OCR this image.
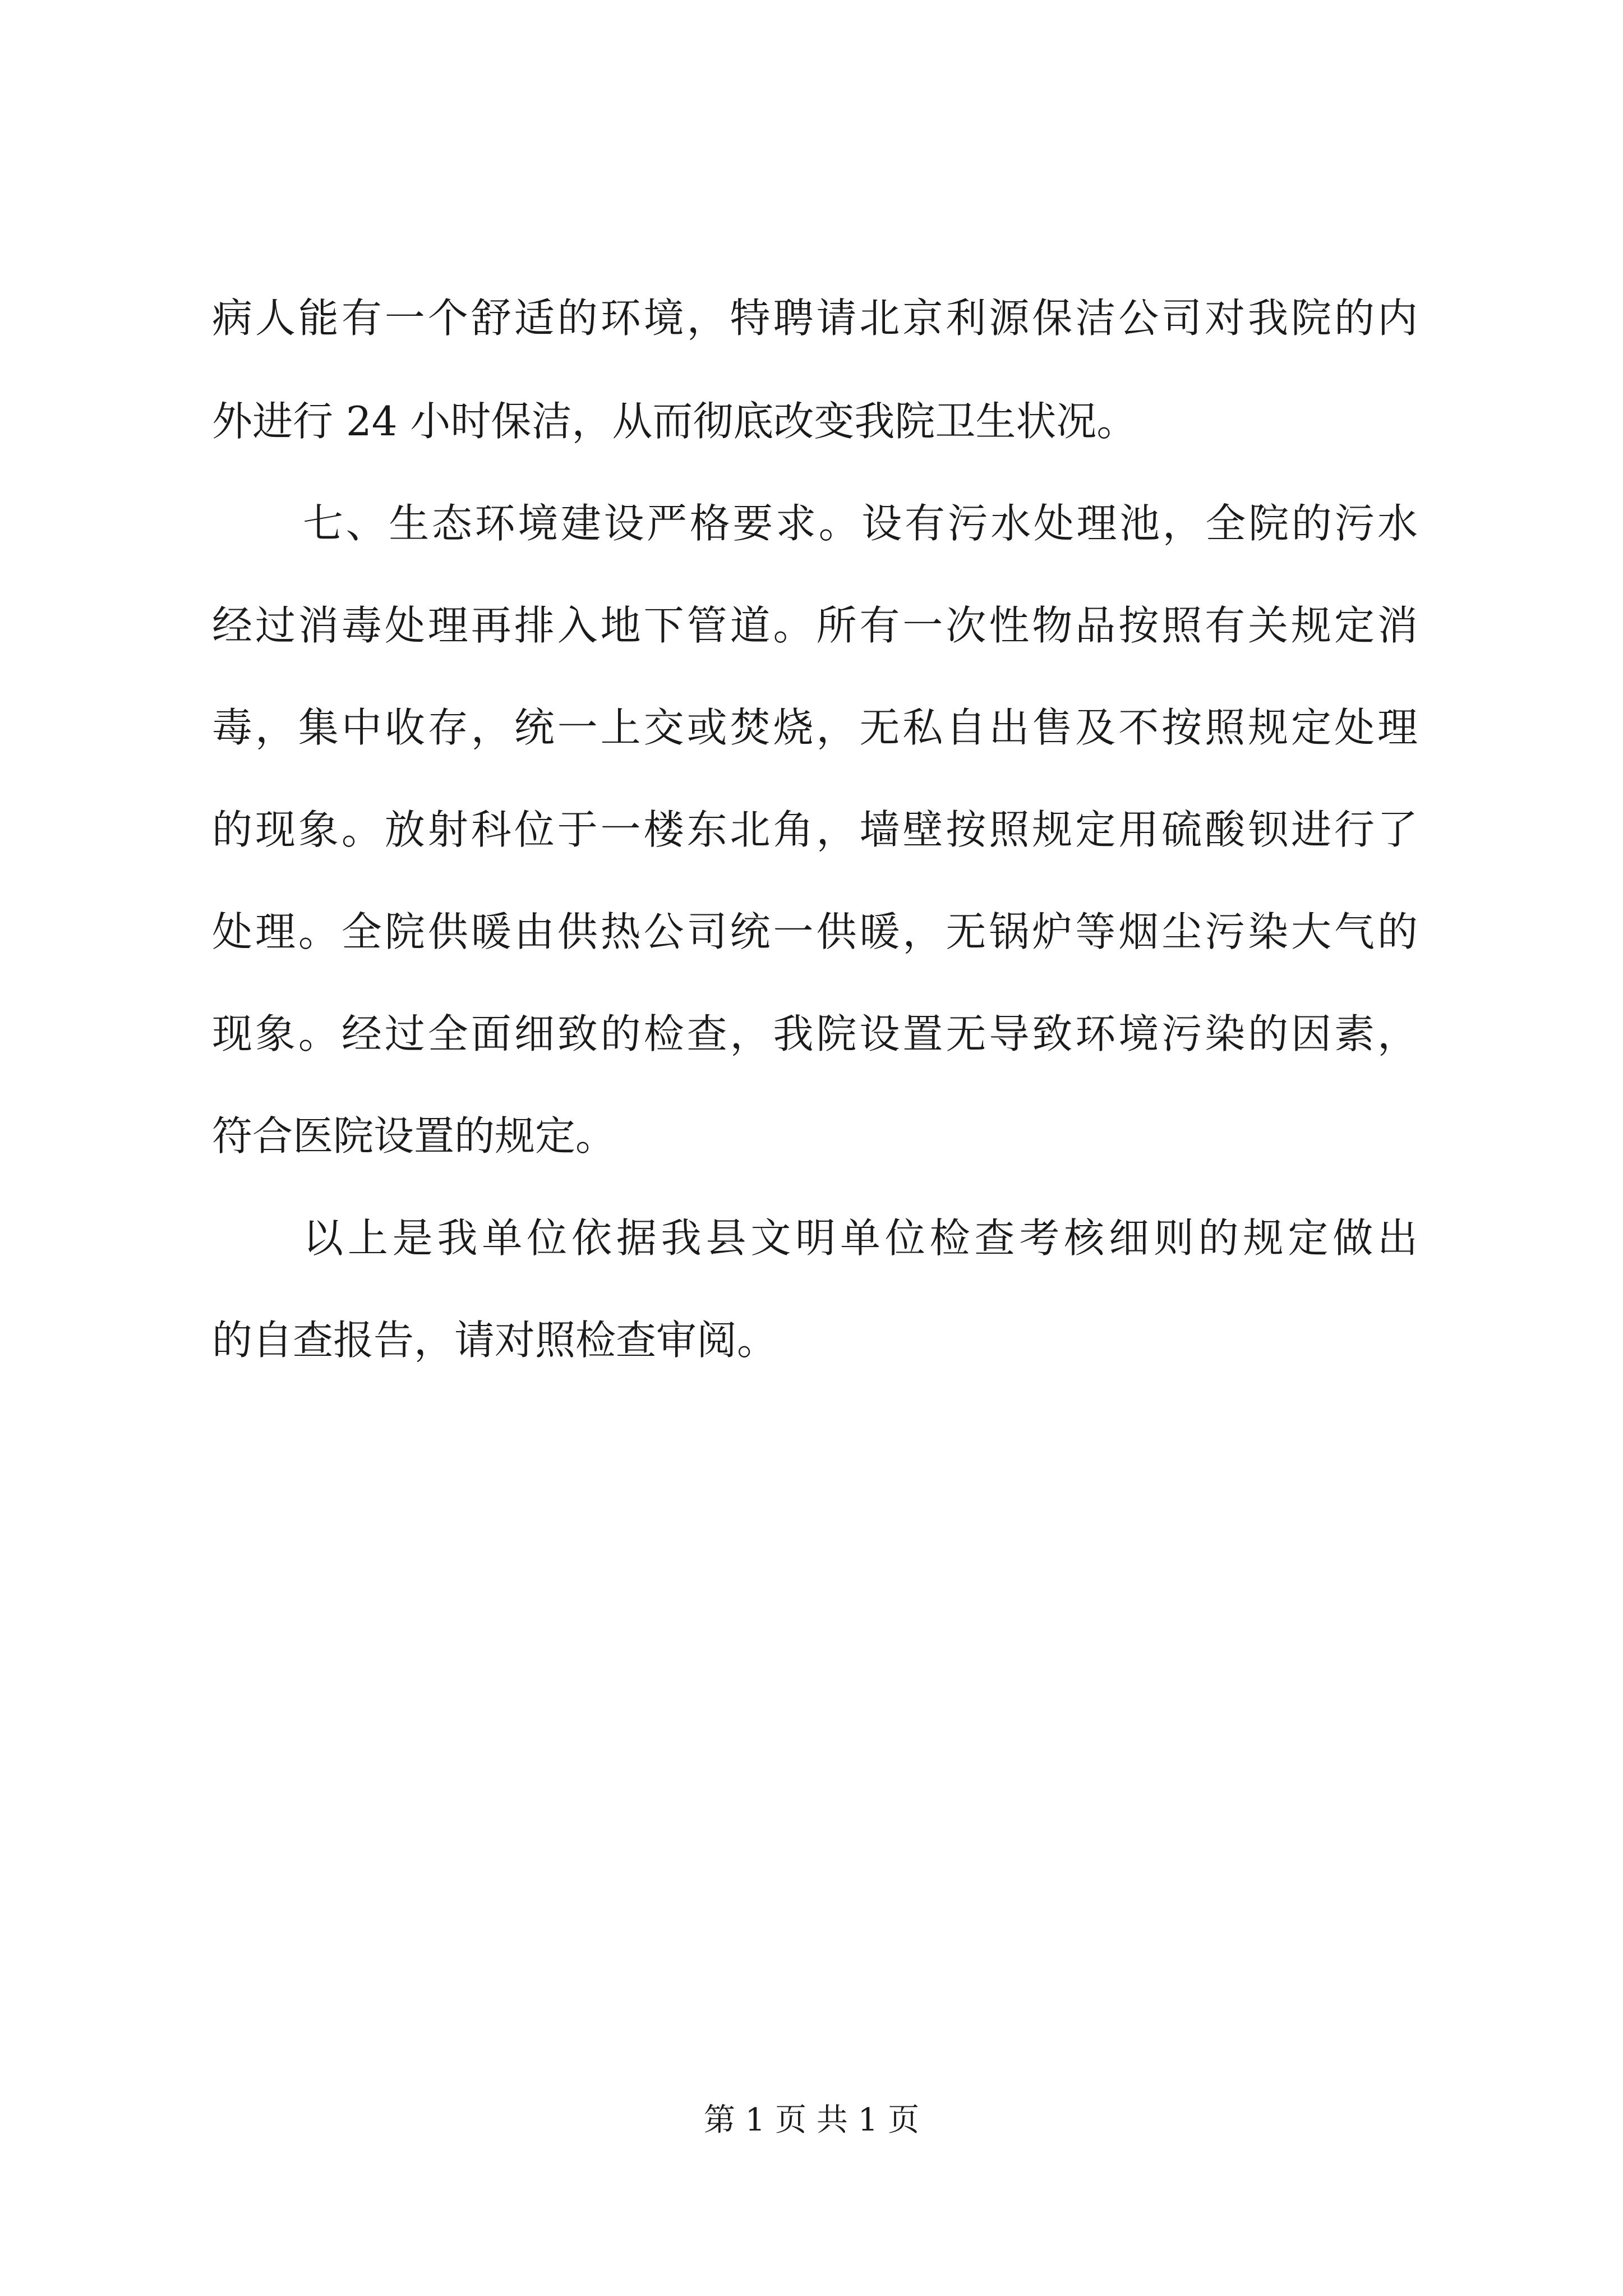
病人能有一个舒适的环境，特聘请北京利源保洁公司对我院的内
外进行 24 小时保洁，从而彻底改变我院卫生状况。
七、生态环境建设严格要求。设有污水处理池，全院的污水
经过消毒处理再排入地下管道。所有一次性物品按照有关规定消
毒，集中收存，统一上交或焚烧，无私自出售及不按照规定处理
的现象。放射科位于一楼东北角，墙壁按照规定用硫酸钡进行了
处理。全院供暖由供热公司统一供暖，无锅炉等烟尘污染大气的
现象。经过全面细致的检查，我院设置无导致环境污染的因素，
符合医院设置的规定。
以上是我单位依据我县文明单位检查考核细则的规定做出
的自查报告，请对照检查审阅。
第 1 页 共 1 页
